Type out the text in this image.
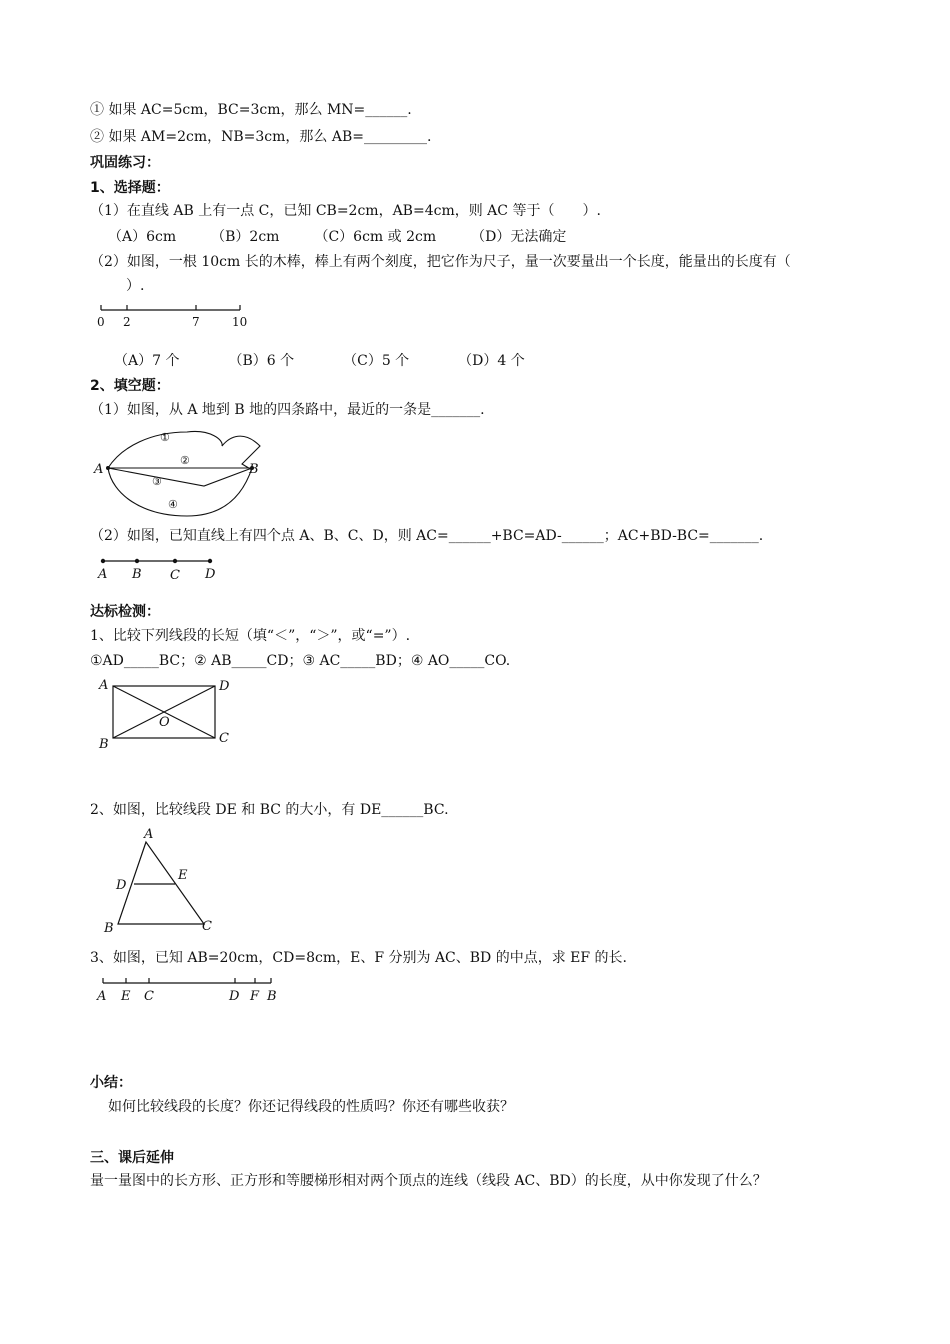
① 如果 AC=5cm，BC=3cm，那么 MN=______.
② 如果 AM=2cm，NB=3cm，那么 AB=_________.
巩固练习：
1、选择题：
（1）在直线 AB 上有一点 C，已知 CB=2cm，AB=4cm，则 AC 等于（　　）.
（A）6cm　　　（B）2cm　　　（C）6cm 或 2cm　　　（D）无法确定
（2）如图，一根 10cm 长的木棒，棒上有两个刻度，把它作为尺子，量一次要量出一个长度，能量出的长度有（
　）.
0 2	7	10
（A）7 个　　　　（B）6 个　　　　（C）5 个　　　　（D）4 个
2、填空题：
（1）如图，从 A 地到 B 地的四条路中，最近的一条是_______.
A	B
①
②
③
④
（2）如图，已知直线上有四个点 A、B、C、D，则 AC=______+BC=AD-______；AC+BD-BC=_______.
A B C D
达标检测：
1、比较下列线段的长短（填“＜”，“＞”，或“=”）.
①AD_____BC；② AB_____CD；③ AC_____BD；④ AO_____CO.
A
B	C
D
O
2、如图，比较线段 DE 和 BC 的大小，有 DE______BC.
A
D
E
B	C
3、如图，已知 AB=20cm，CD=8cm，E、F 分别为 AC、BD 的中点，求 EF 的长.
A E C	D F B
小结：
如何比较线段的长度？你还记得线段的性质吗？你还有哪些收获？
三、课后延伸
量一量图中的长方形、正方形和等腰梯形相对两个顶点的连线（线段 AC、BD）的长度，从中你发现了什么？
